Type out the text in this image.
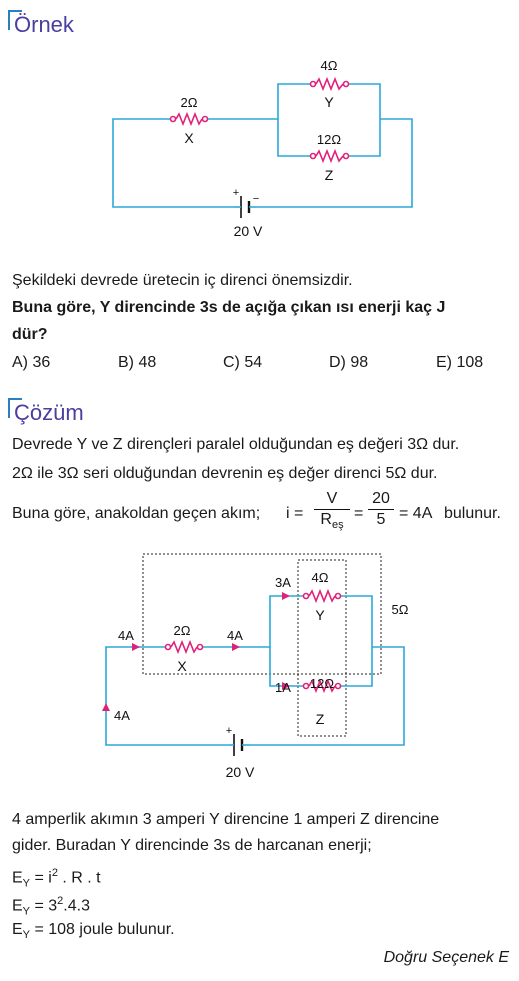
Örnek
2Ω
X
4Ω
Y
12Ω
Z
+ −
20 V
Şekildeki devrede üretecin iç direnci önemsizdir.
Buna göre, Y direncinde 3s de açığa çıkan ısı enerji kaç J
dür?
A) 36	B) 48	C) 54	D) 98	E) 108
Çözüm
Devrede Y ve Z dirençleri paralel olduğundan eş değeri 3Ω dur.
2Ω ile 3Ω seri olduğundan devrenin eş değer direnci 5Ω dur.
Buna göre, anakoldan geçen akım; i =
V
$R_{eş}$
=
20
5 = 4A bulunur.
4A	2Ω
X
4A
3A 4Ω
Y	5Ω
1A 12Ω
Z
4A
+
20 V
4 amperlik akımın 3 amperi Y direncine 1 amperi Z direncine
gider. Buradan Y direncinde 3s de harcanan enerji;
$E_Y = i^2$ . R . t
$E_Y = 3^2.4.3$
$E_Y = 108$ joule bulunur.
Doğru Seçenek E
